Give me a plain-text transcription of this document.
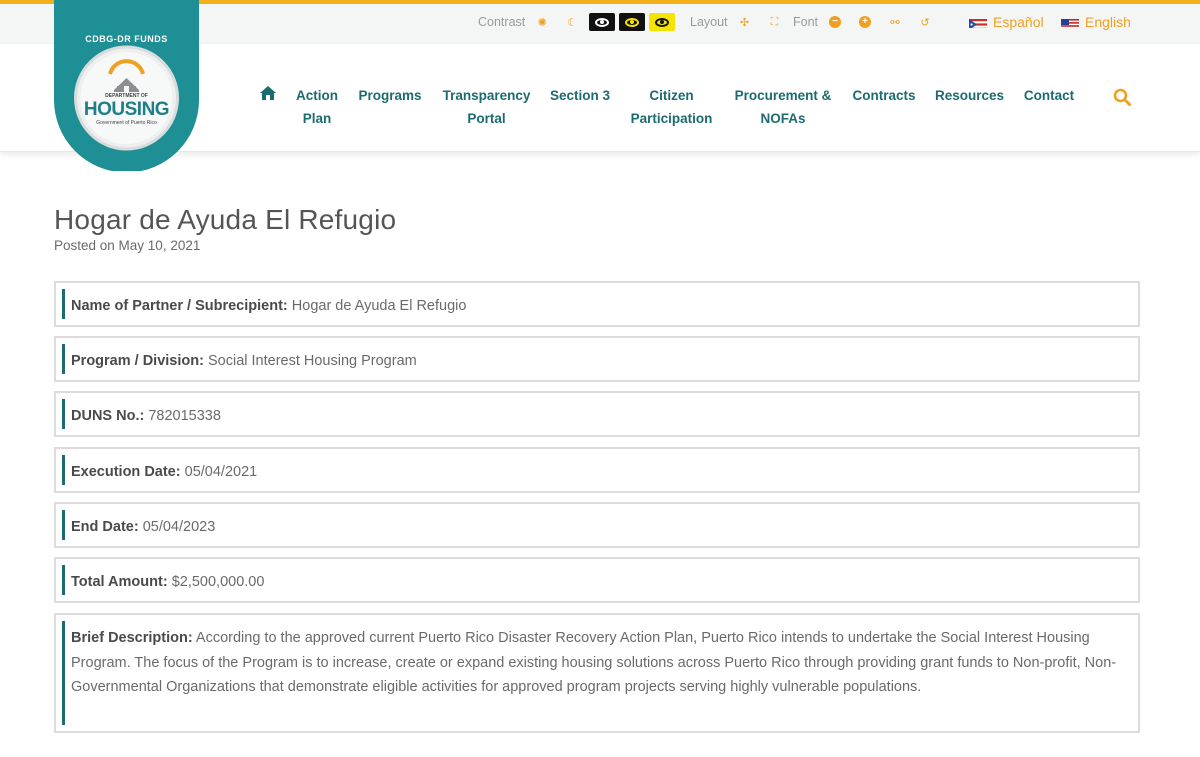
CDBG-DR FUNDS
DEPARTMENT OF
HOUSING
Government of Puerto Rico
Contrast	✺	☾	Layout	✣	⛶	Font	−	+	⚯	↺	Español	English
Action
Plan
Programs	Transparency
Portal
Section 3	Citizen
Participation
Procurement &
NOFAs
Contracts	Resources	Contact
Hogar de Ayuda El Refugio
Posted on May 10, 2021
Name of Partner / Subrecipient: Hogar de Ayuda El Refugio
Program / Division: Social Interest Housing Program
DUNS No.: 782015338
Execution Date: 05/04/2021
End Date: 05/04/2023
Total Amount: $2,500,000.00
Brief Description: According to the approved current Puerto Rico Disaster Recovery Action Plan, Puerto Rico intends to undertake the Social Interest Housing Program. The focus of the Program is to increase, create or expand existing housing solutions across Puerto Rico through providing grant funds to Non-profit, Non-Governmental Organizations that demonstrate eligible activities for approved program projects serving highly vulnerable populations.
